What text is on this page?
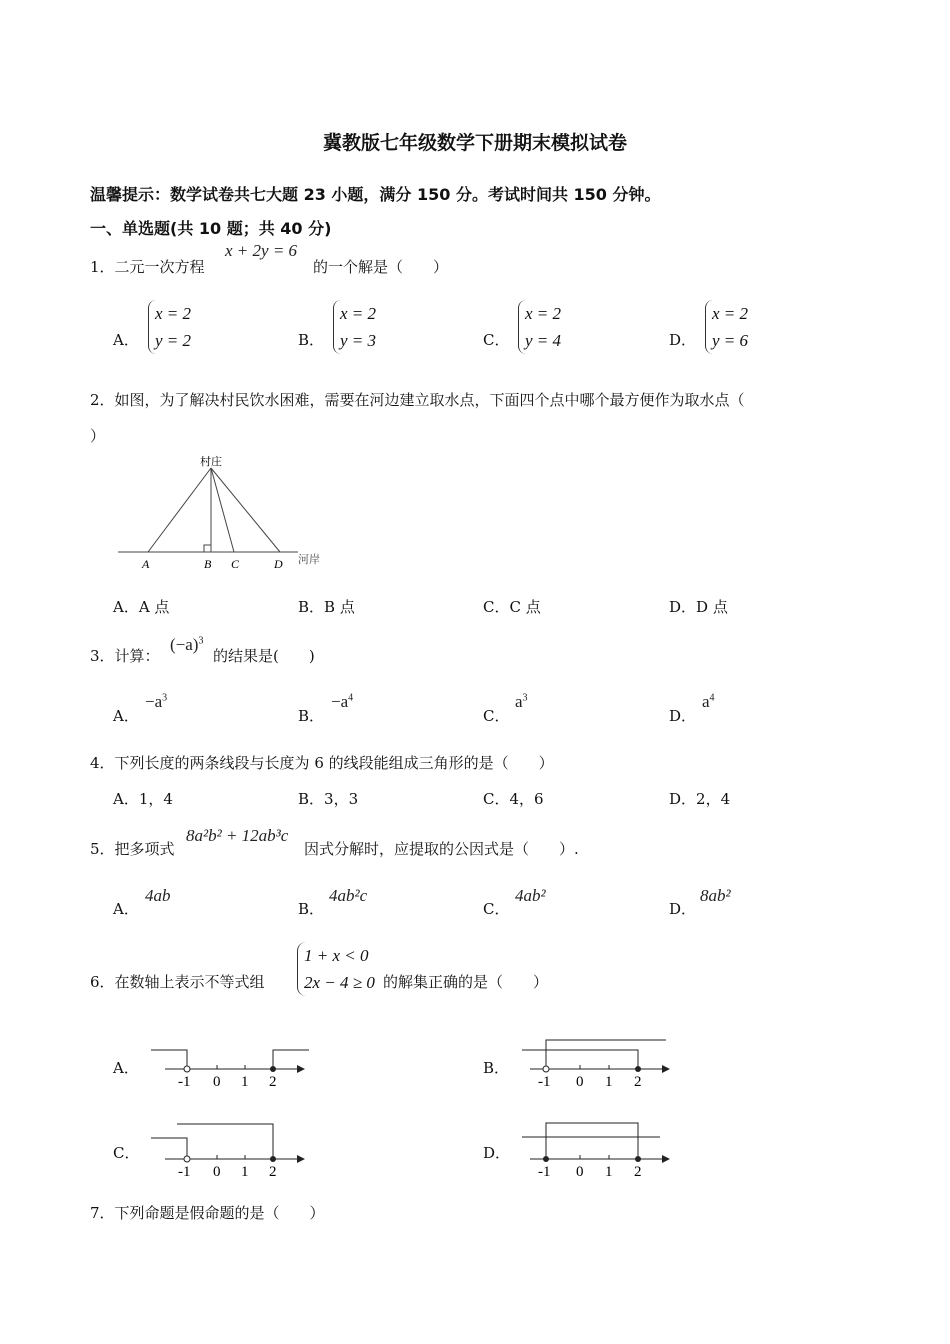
冀教版七年级数学下册期末模拟试卷
温馨提示：数学试卷共七大题 23 小题，满分 150 分。考试时间共 150 分钟。
一、单选题(共 10 题；共 40 分)
1．二元一次方程
x + 2y = 6
的一个解是（　　）
A．
x = 2
y = 2	B．
x = 2
y = 3	C．
x = 2
y = 4	D．
x = 2
y = 6
2．如图，为了解决村民饮水困难，需要在河边建立取水点，下面四个点中哪个最方便作为取水点（
）
村庄
河岸
A	B C	D
A．A 点	B．B 点	C．C 点	D．D 点
3．计算：
$(-a)^3$
的结果是(　　)
A．
$-a^3$
B．
$-a^4$
C．
$a^3$
D．
$a^4$
4．下列长度的两条线段与长度为 6 的线段能组成三角形的是（　　）
A．1，4	B．3，3	C．4，6	D．2，4
5．把多项式
8a²b² + 12ab³c
因式分解时，应提取的公因式是（　　）.
A．
4ab
B．
4ab²c
C．
4ab²
D．
8ab²
6．在数轴上表示不等式组
1 + x < 0
2x − 4 ≥ 0 的解集正确的是（　　）
A．
-1 0 1 2
B．
-1 0 1 2
C．
-1 0 1 2
D．
-1 0 1 2
7．下列命题是假命题的是（　　）
